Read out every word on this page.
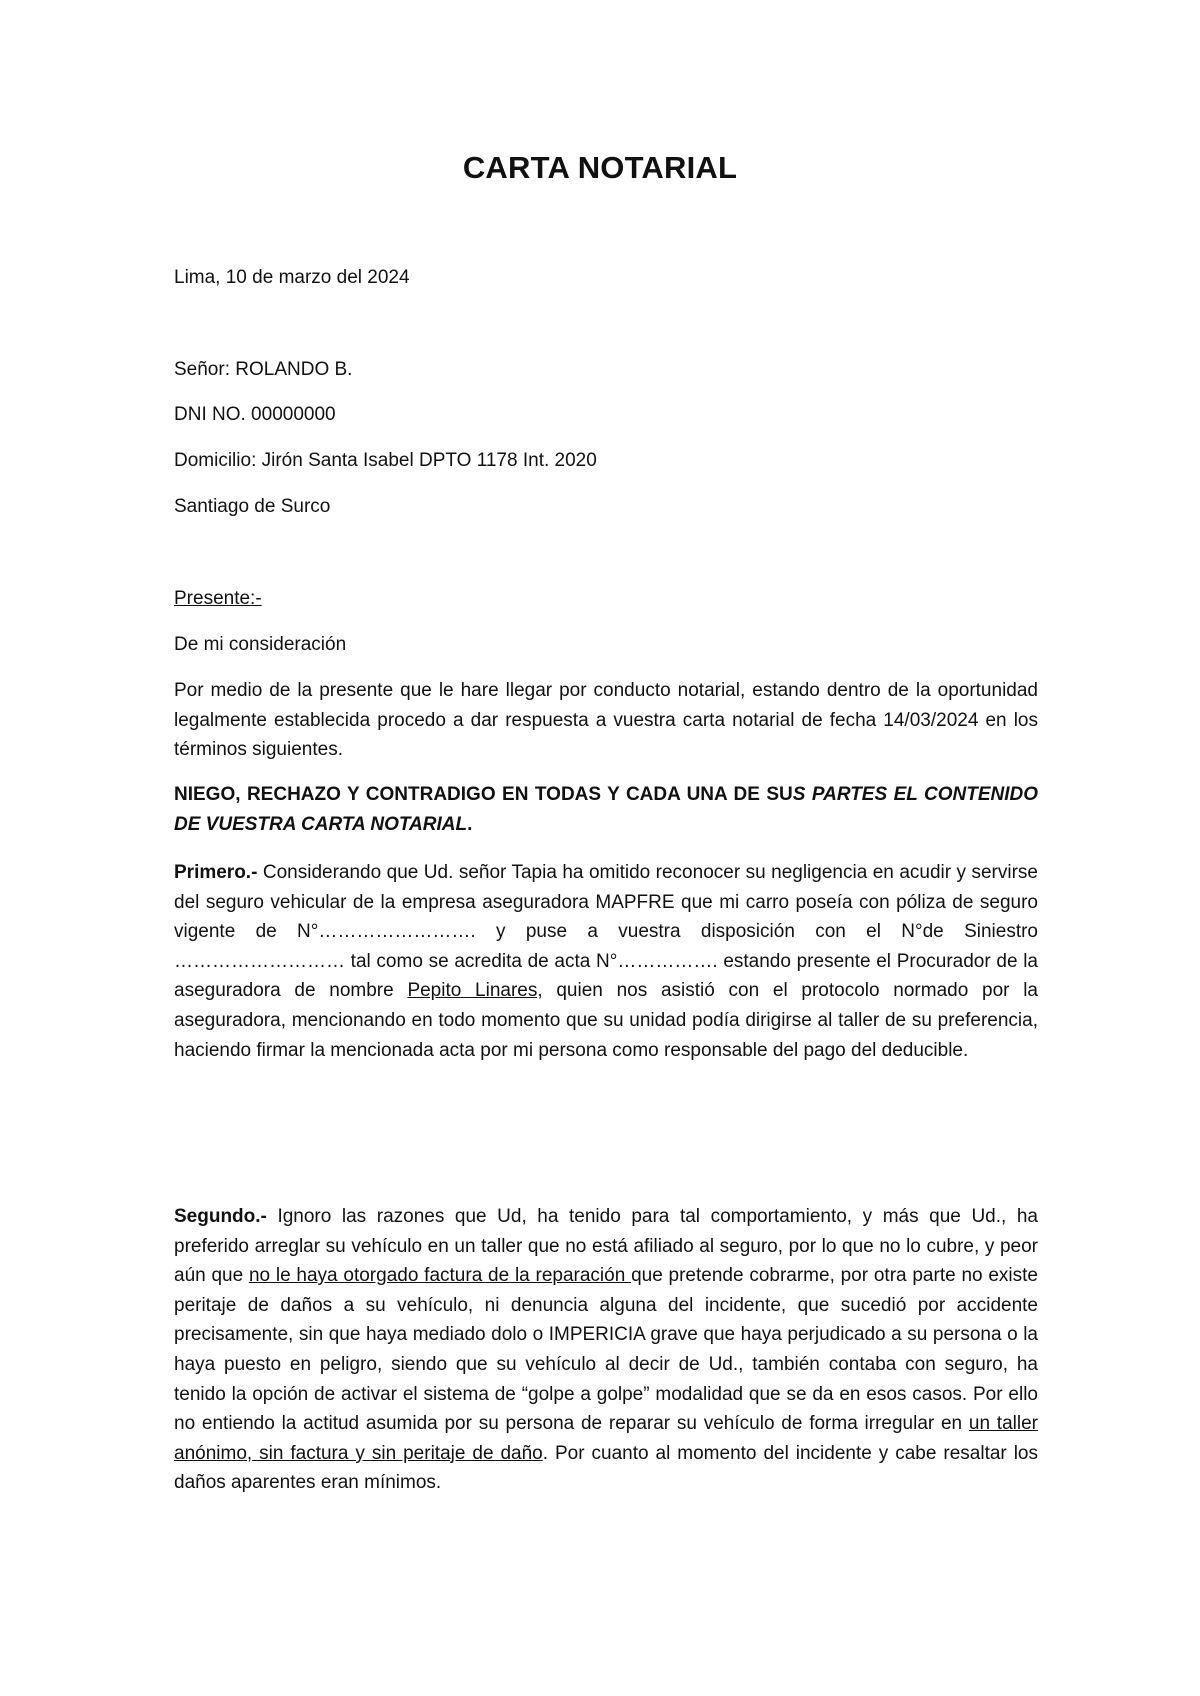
CARTA NOTARIAL
Lima, 10 de marzo del 2024
Señor: ROLANDO B.
DNI NO. 00000000
Domicilio: Jirón Santa Isabel DPTO 1178 Int. 2020
Santiago de Surco
Presente:-
De mi consideración
Por medio de la presente que le hare llegar por conducto notarial, estando dentro de la oportunidad legalmente establecida procedo a dar respuesta a vuestra carta notarial de fecha 14/03/2024 en los términos siguientes.
NIEGO, RECHAZO Y CONTRADIGO EN TODAS Y CADA UNA DE SUS PARTES EL CONTENIDO DE VUESTRA CARTA NOTARIAL.
Primero.- Considerando que Ud. señor Tapia ha omitido reconocer su negligencia en acudir y servirse del seguro vehicular de la empresa aseguradora MAPFRE que mi carro poseía con póliza de seguro vigente de N°……………………. y puse a vuestra disposición con el N°de Siniestro ……………………… tal como se acredita de acta N°……………. estando presente el Procurador de la aseguradora de nombre Pepito Linares, quien nos asistió con el protocolo normado por la aseguradora, mencionando en todo momento que su unidad podía dirigirse al taller de su preferencia, haciendo firmar la mencionada acta por mi persona como responsable del pago del deducible.
Segundo.- Ignoro las razones que Ud, ha tenido para tal comportamiento, y más que Ud., ha preferido arreglar su vehículo en un taller que no está afiliado al seguro, por lo que no lo cubre, y peor aún que no le haya otorgado factura de la reparación que pretende cobrarme, por otra parte no existe peritaje de daños a su vehículo, ni denuncia alguna del incidente, que sucedió por accidente precisamente, sin que haya mediado dolo o IMPERICIA grave que haya perjudicado a su persona o la haya puesto en peligro, siendo que su vehículo al decir de Ud., también contaba con seguro, ha tenido la opción de activar el sistema de “golpe a golpe” modalidad que se da en esos casos. Por ello no entiendo la actitud asumida por su persona de reparar su vehículo de forma irregular en un taller anónimo, sin factura y sin peritaje de daño. Por cuanto al momento del incidente y cabe resaltar los daños aparentes eran mínimos.
